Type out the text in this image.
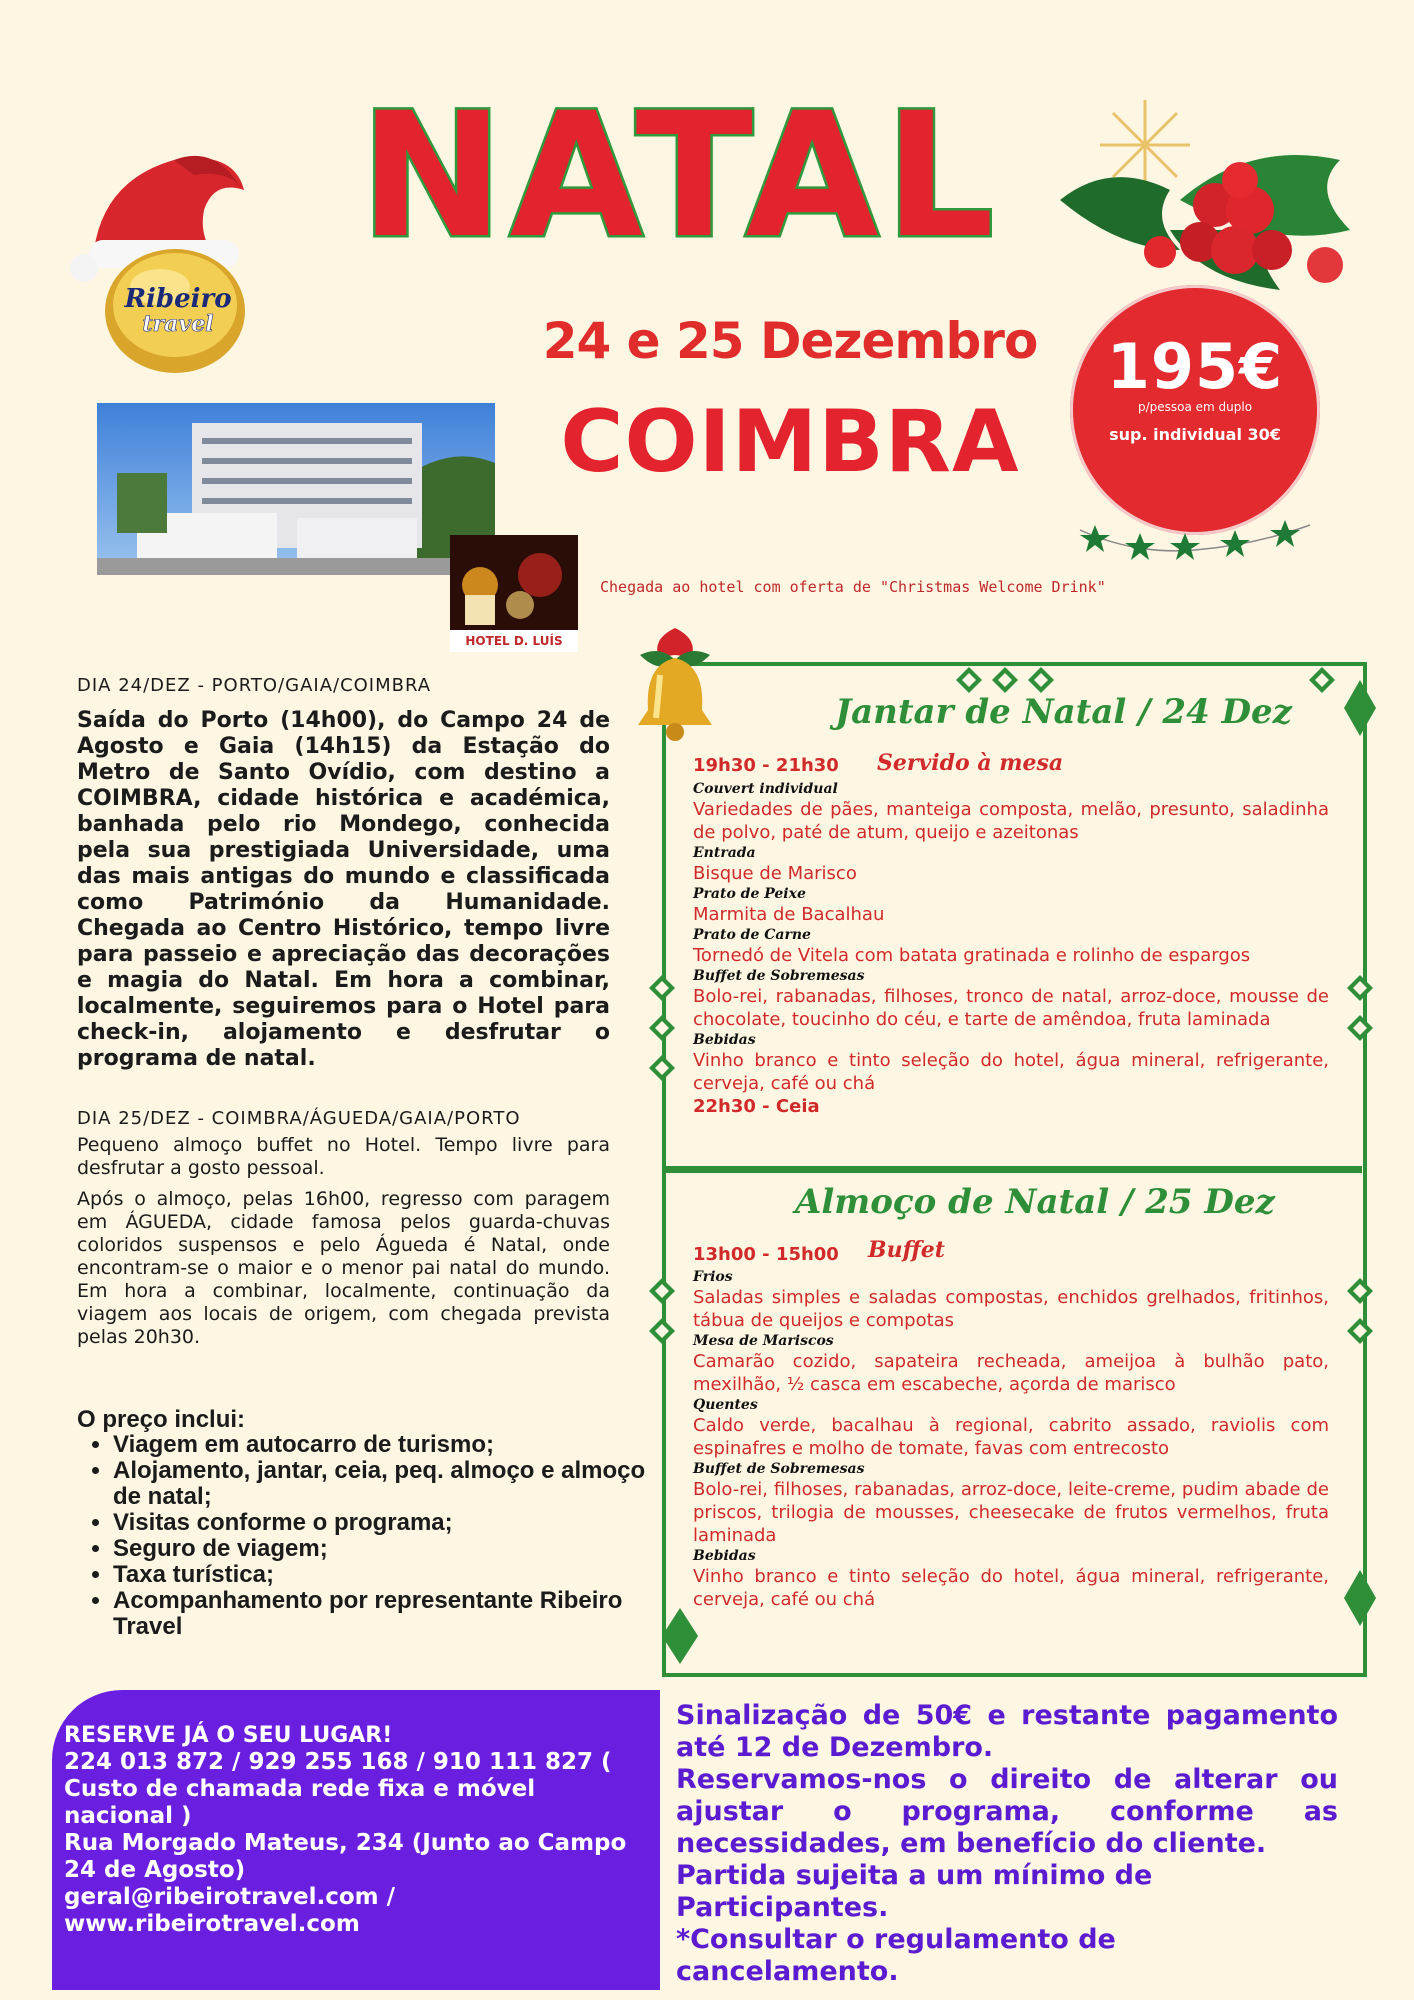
Ribeiro
travel
NATAL
24 e 25 Dezembro
COIMBRA
195€
p/pessoa em duplo
sup. individual 30€
HOTEL D. LUÍS
Chegada ao hotel com oferta de "Christmas Welcome Drink"
DIA 24/DEZ - PORTO/GAIA/COIMBRA
Saída do Porto (14h00), do Campo 24 de Agosto e Gaia (14h15) da Estação do Metro de Santo Ovídio, com destino a COIMBRA, cidade histórica e académica, banhada pelo rio Mondego, conhecida pela sua prestigiada Universidade, uma das mais antigas do mundo e classificada como Património da Humanidade. Chegada ao Centro Histórico, tempo livre para passeio e apreciação das decorações e magia do Natal. Em hora a combinar, localmente, seguiremos para o Hotel para check-in, alojamento e desfrutar o programa de natal.
DIA 25/DEZ - COIMBRA/ÁGUEDA/GAIA/PORTO
Pequeno almoço buffet no Hotel. Tempo livre para desfrutar a gosto pessoal.
Após o almoço, pelas 16h00, regresso com paragem em ÁGUEDA, cidade famosa pelos guarda-chuvas coloridos suspensos e pelo Águeda é Natal, onde encontram-se o maior e o menor pai natal do mundo. Em hora a combinar, localmente, continuação da viagem aos locais de origem, com chegada prevista pelas 20h30.
O preço inclui:
• Viagem em autocarro de turismo;
• Alojamento, jantar, ceia, peq. almoço e almoço de natal;
• Visitas conforme o programa;
• Seguro de viagem;
• Taxa turística;
• Acompanhamento por representante Ribeiro Travel
Jantar de Natal / 24 Dez
19h30 - 21h30 Servido à mesa
Couvert individual
Variedades de pães, manteiga composta, melão, presunto, saladinha de polvo, paté de atum, queijo e azeitonas
Entrada
Bisque de Marisco
Prato de Peixe
Marmita de Bacalhau
Prato de Carne
Tornedó de Vitela com batata gratinada e rolinho de espargos
Buffet de Sobremesas
Bolo-rei, rabanadas, filhoses, tronco de natal, arroz-doce, mousse de chocolate, toucinho do céu, e tarte de amêndoa, fruta laminada
Bebidas
Vinho branco e tinto seleção do hotel, água mineral, refrigerante, cerveja, café ou chá
22h30 - Ceia
Almoço de Natal / 25 Dez
13h00 - 15h00 Buffet
Frios
Saladas simples e saladas compostas, enchidos grelhados, fritinhos, tábua de queijos e compotas
Mesa de Mariscos
Camarão cozido, sapateira recheada, ameijoa à bulhão pato, mexilhão, ½ casca em escabeche, açorda de marisco
Quentes
Caldo verde, bacalhau à regional, cabrito assado, raviolis com espinafres e molho de tomate, favas com entrecosto
Buffet de Sobremesas
Bolo-rei, filhoses, rabanadas, arroz-doce, leite-creme, pudim abade de priscos, trilogia de mousses, cheesecake de frutos vermelhos, fruta laminada
Bebidas
Vinho branco e tinto seleção do hotel, água mineral, refrigerante, cerveja, café ou chá
RESERVE JÁ O SEU LUGAR!
224 013 872 / 929 255 168 / 910 111 827 ( Custo de chamada rede fixa e móvel nacional )
Rua Morgado Mateus, 234 (Junto ao Campo 24 de Agosto)
geral@ribeirotravel.com /
www.ribeirotravel.com
Sinalização de 50€ e restante pagamento até 12 de Dezembro.
Reservamos-nos o direito de alterar ou ajustar o programa, conforme as necessidades, em benefício do cliente.
Partida sujeita a um mínimo de Participantes.
*Consultar o regulamento de cancelamento.
